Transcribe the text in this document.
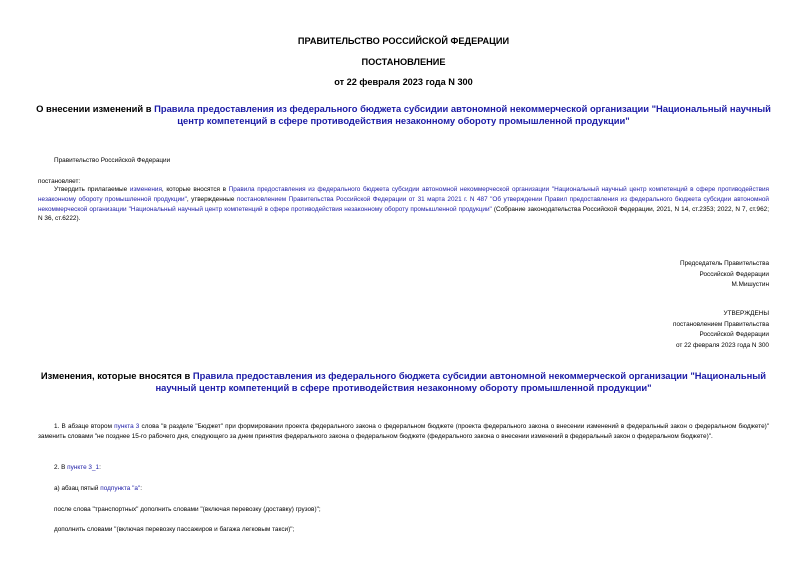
ПРАВИТЕЛЬСТВО РОССИЙСКОЙ ФЕДЕРАЦИИ
ПОСТАНОВЛЕНИЕ
от 22 февраля 2023 года N 300
О внесении изменений в Правила предоставления из федерального бюджета субсидии автономной некоммерческой организации "Национальный научный центр компетенций в сфере противодействия незаконному обороту промышленной продукции"
Правительство Российской Федерации
постановляет:
Утвердить прилагаемые изменения, которые вносятся в Правила предоставления из федерального бюджета субсидии автономной некоммерческой организации "Национальный научный центр компетенций в сфере противодействия незаконному обороту промышленной продукции", утвержденные постановлением Правительства Российской Федерации от 31 марта 2021 г. N 487 "Об утверждении Правил предоставления из федерального бюджета субсидии автономной некоммерческой организации "Национальный научный центр компетенций в сфере противодействия незаконному обороту промышленной продукции" (Собрание законодательства Российской Федерации, 2021, N 14, ст.2353; 2022, N 7, ст.962; N 36, ст.6222).
Председатель Правительства
Российской Федерации
М.Мишустин
УТВЕРЖДЕНЫ
постановлением Правительства
Российской Федерации
от 22 февраля 2023 года N 300
Изменения, которые вносятся в Правила предоставления из федерального бюджета субсидии автономной некоммерческой организации "Национальный научный центр компетенций в сфере противодействия незаконному обороту промышленной продукции"
1. В абзаце втором пункта 3 слова "в разделе "Бюджет" при формировании проекта федерального закона о федеральном бюджете (проекта федерального закона о внесении изменений в федеральный закон о федеральном бюджете)" заменить словами "не позднее 15-го рабочего дня, следующего за днем принятия федерального закона о федеральном бюджете (федерального закона о внесении изменений в федеральный закон о федеральном бюджете)".
2. В пункте 3_1:
а) абзац пятый подпункта "а":
после слова "транспортных" дополнить словами "(включая перевозку (доставку) грузов)";
дополнить словами "(включая перевозку пассажиров и багажа легковым такси)";
